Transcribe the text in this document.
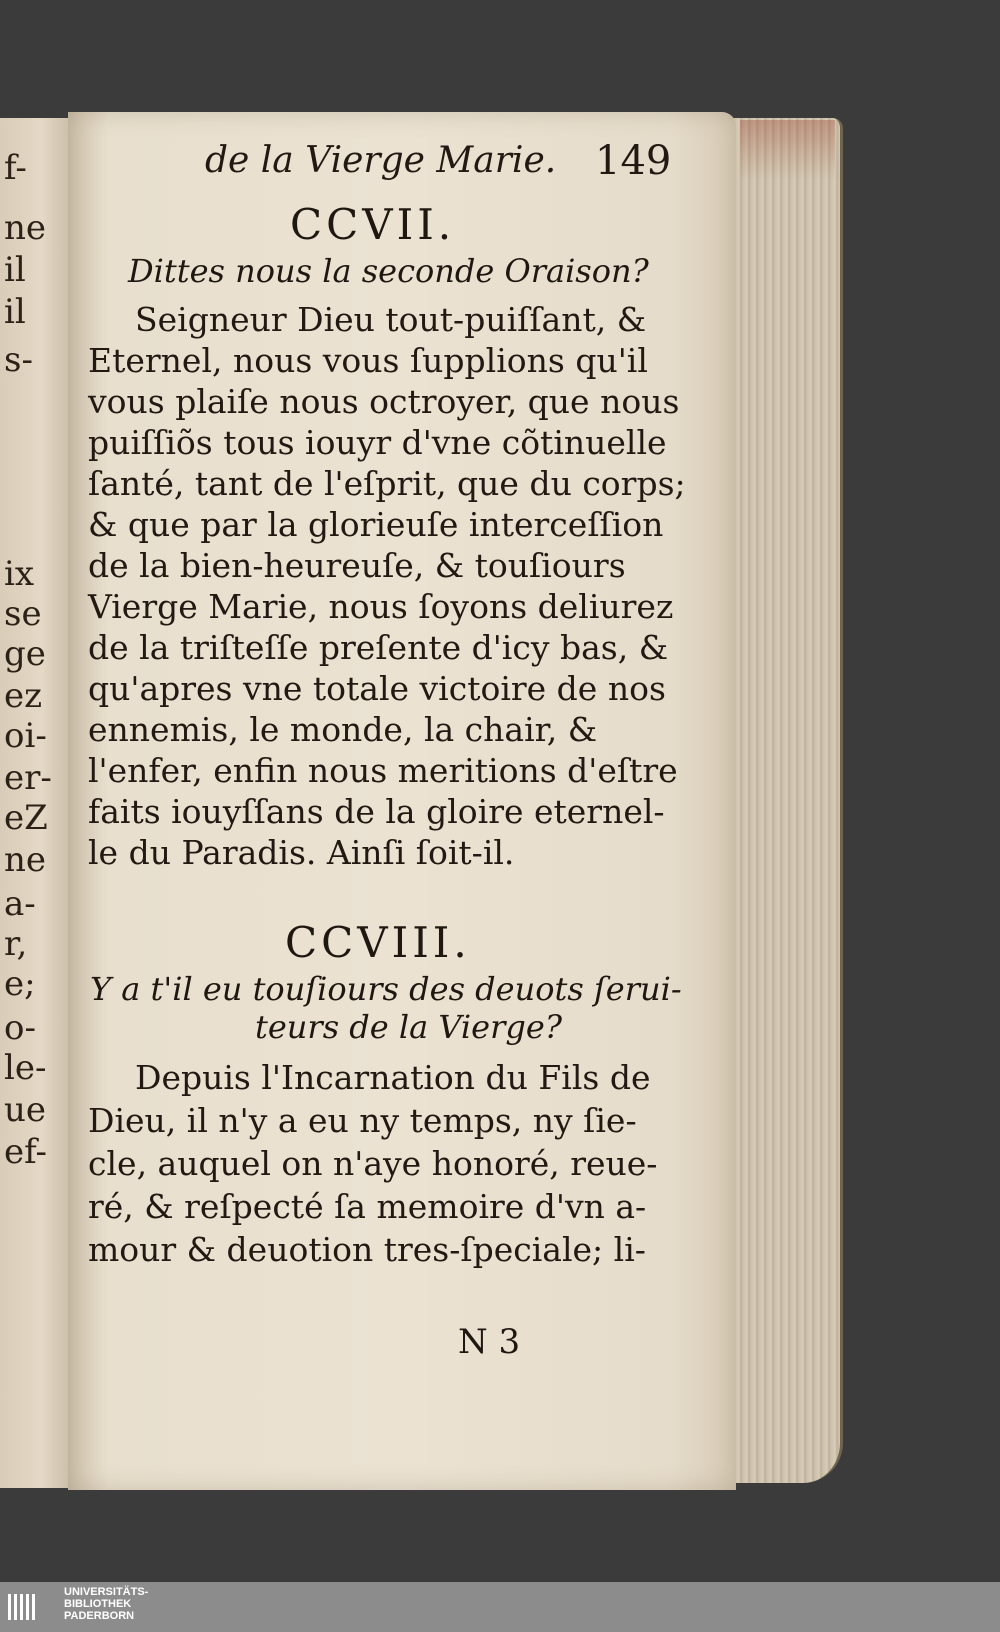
f-
ne
il
il
s-
ix
se
ge
ez
oi-
er-
eZ
ne
a-
r,
e;
o-
le-
ue
ef-
de la Vierge Marie. 149
CCVII.
Dittes nous la seconde Oraison?
Seigneur Dieu tout-puiſſant, &
Eternel, nous vous ſupplions qu'il
vous plaiſe nous octroyer, que nous
puiſſiõs tous iouyr d'vne cõtinuelle
ſanté, tant de l'eſprit, que du corps;
& que par la glorieuſe interceſſion
de la bien-heureuſe, & touſiours
Vierge Marie, nous ſoyons deliurez
de la triſteſſe preſente d'icy bas, &
qu'apres vne totale victoire de nos
ennemis, le monde, la chair, &
l'enfer, enfin nous meritions d'eſtre
faits iouyſſans de la gloire eternel-
le du Paradis. Ainſi ſoit-il.
CCVIII.
Y a t'il eu touſiours des deuots ſerui-
teurs de la Vierge?
Depuis l'Incarnation du Fils de
Dieu, il n'y a eu ny temps, ny ſie-
cle, auquel on n'aye honoré, reue-
ré, & reſpecté ſa memoire d'vn a-
mour & deuotion tres-ſpeciale; li-
N 3
UNIVERSITÄTS-
BIBLIOTHEK
PADERBORN
